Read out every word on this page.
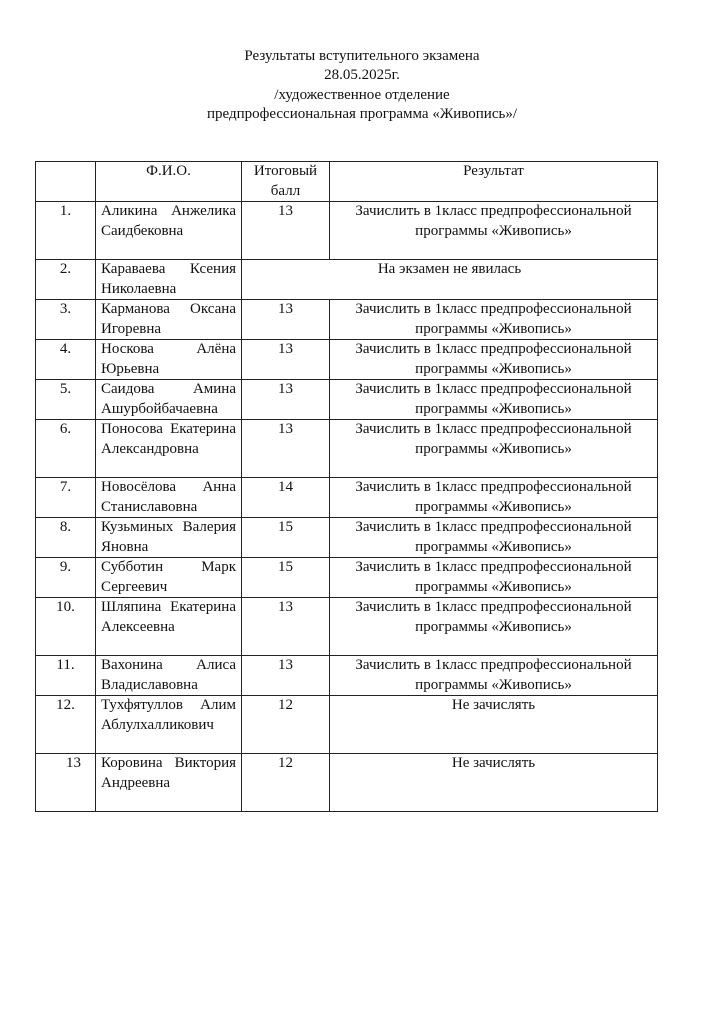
Результаты вступительного экзамена
28.05.2025г.
/художественное отделение
предпрофессиональная программа «Живопись»/
	Ф.И.О.	Итоговый балл	Результат
1.	Аликина Анжелика Саидбековна	13	Зачислить в 1класс предпрофессиональной программы «Живопись»
2.	Караваева Ксения Николаевна	На экзамен не явилась	
3.	Карманова Оксана Игоревна	13	Зачислить в 1класс предпрофессиональной программы «Живопись»
4.	Носкова Алёна Юрьевна	13	Зачислить в 1класс предпрофессиональной программы «Живопись»
5.	Саидова Амина Ашурбойбачаевна	13	Зачислить в 1класс предпрофессиональной программы «Живопись»
6.	Поносова Екатерина Александровна	13	Зачислить в 1класс предпрофессиональной программы «Живопись»
7.	Новосёлова Анна Станиславовна	14	Зачислить в 1класс предпрофессиональной программы «Живопись»
8.	Кузьминых Валерия Яновна	15	Зачислить в 1класс предпрофессиональной программы «Живопись»
9.	Субботин Марк Сергеевич	15	Зачислить в 1класс предпрофессиональной программы «Живопись»
10.	Шляпина Екатерина Алексеевна	13	Зачислить в 1класс предпрофессиональной программы «Живопись»
11.	Вахонина Алиса Владиславовна	13	Зачислить в 1класс предпрофессиональной программы «Живопись»
12.	Тухфятуллов Алим Аблулхалликович	12	Не зачислять
13	Коровина Виктория Андреевна	12	Не зачислять
